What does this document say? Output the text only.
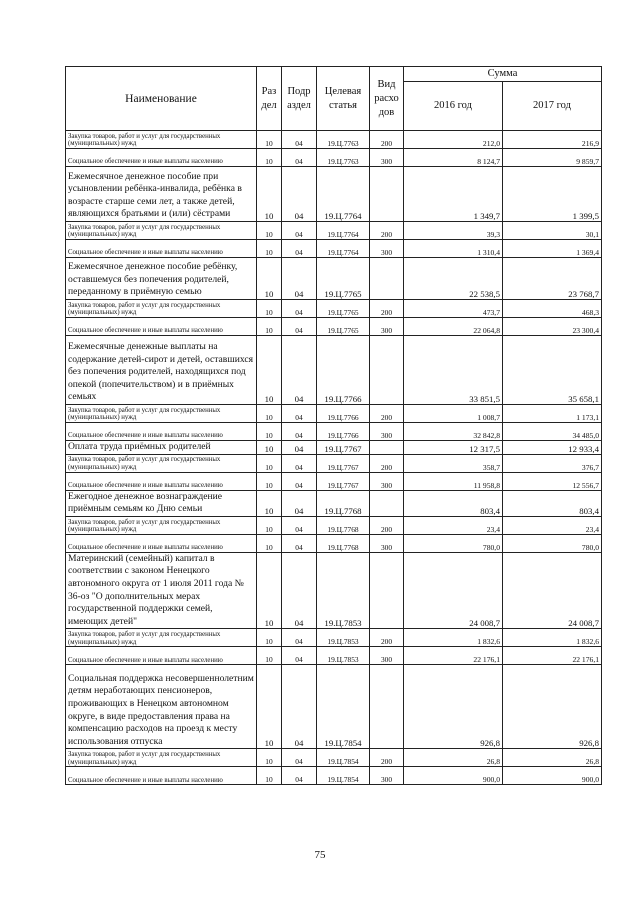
Наименование	Раз дел	Подр аздел	Целевая статья	Вид расхо дов	Сумма	
					2016 год	2017 год
Закупка товаров, работ и услуг для государственных (муниципальных) нужд	10	04	19.Ц.7763	200	212,0	216,9
Социальное обеспечение и иные выплаты населению	10	04	19.Ц.7763	300	8 124,7	9 859,7
Ежемесячное денежное пособие при усыновлении ребёнка-инвалида, ребёнка в возрасте старше семи лет, а также детей, являющихся братьями и (или) сёстрами	10	04	19.Ц.7764		1 349,7	1 399,5
Закупка товаров, работ и услуг для государственных (муниципальных) нужд	10	04	19.Ц.7764	200	39,3	30,1
Социальное обеспечение и иные выплаты населению	10	04	19.Ц.7764	300	1 310,4	1 369,4
Ежемесячное денежное пособие ребёнку, оставшемуся без попечения родителей, переданному в приёмную семью	10	04	19.Ц.7765		22 538,5	23 768,7
Закупка товаров, работ и услуг для государственных (муниципальных) нужд	10	04	19.Ц.7765	200	473,7	468,3
Социальное обеспечение и иные выплаты населению	10	04	19.Ц.7765	300	22 064,8	23 300,4
Ежемесячные денежные выплаты на содержание детей-сирот и детей, оставшихся без попечения родителей, находящихся под опекой (попечительством) и в приёмных семьях	10	04	19.Ц.7766		33 851,5	35 658,1
Закупка товаров, работ и услуг для государственных (муниципальных) нужд	10	04	19.Ц.7766	200	1 008,7	1 173,1
Социальное обеспечение и иные выплаты населению	10	04	19.Ц.7766	300	32 842,8	34 485,0
Оплата труда приёмных родителей	10	04	19.Ц.7767		12 317,5	12 933,4
Закупка товаров, работ и услуг для государственных (муниципальных) нужд	10	04	19.Ц.7767	200	358,7	376,7
Социальное обеспечение и иные выплаты населению	10	04	19.Ц.7767	300	11 958,8	12 556,7
Ежегодное денежное вознаграждение приёмным семьям ко Дню семьи	10	04	19.Ц.7768		803,4	803,4
Закупка товаров, работ и услуг для государственных (муниципальных) нужд	10	04	19.Ц.7768	200	23,4	23,4
Социальное обеспечение и иные выплаты населению	10	04	19.Ц.7768	300	780,0	780,0
Материнский (семейный) капитал в соответствии с законом Ненецкого автономного округа от 1 июля 2011 года № 36-оз "О дополнительных мерах государственной поддержки семей, имеющих детей"	10	04	19.Ц.7853		24 008,7	24 008,7
Закупка товаров, работ и услуг для государственных (муниципальных) нужд	10	04	19.Ц.7853	200	1 832,6	1 832,6
Социальное обеспечение и иные выплаты населению	10	04	19.Ц.7853	300	22 176,1	22 176,1
Социальная поддержка несовершеннолетним детям неработающих пенсионеров, проживающих в Ненецком автономном округе, в виде предоставления права на компенсацию расходов на проезд к месту использования отпуска	10	04	19.Ц.7854		926,8	926,8
Закупка товаров, работ и услуг для государственных (муниципальных) нужд	10	04	19.Ц.7854	200	26,8	26,8
Социальное обеспечение и иные выплаты населению	10	04	19.Ц.7854	300	900,0	900,0
75
